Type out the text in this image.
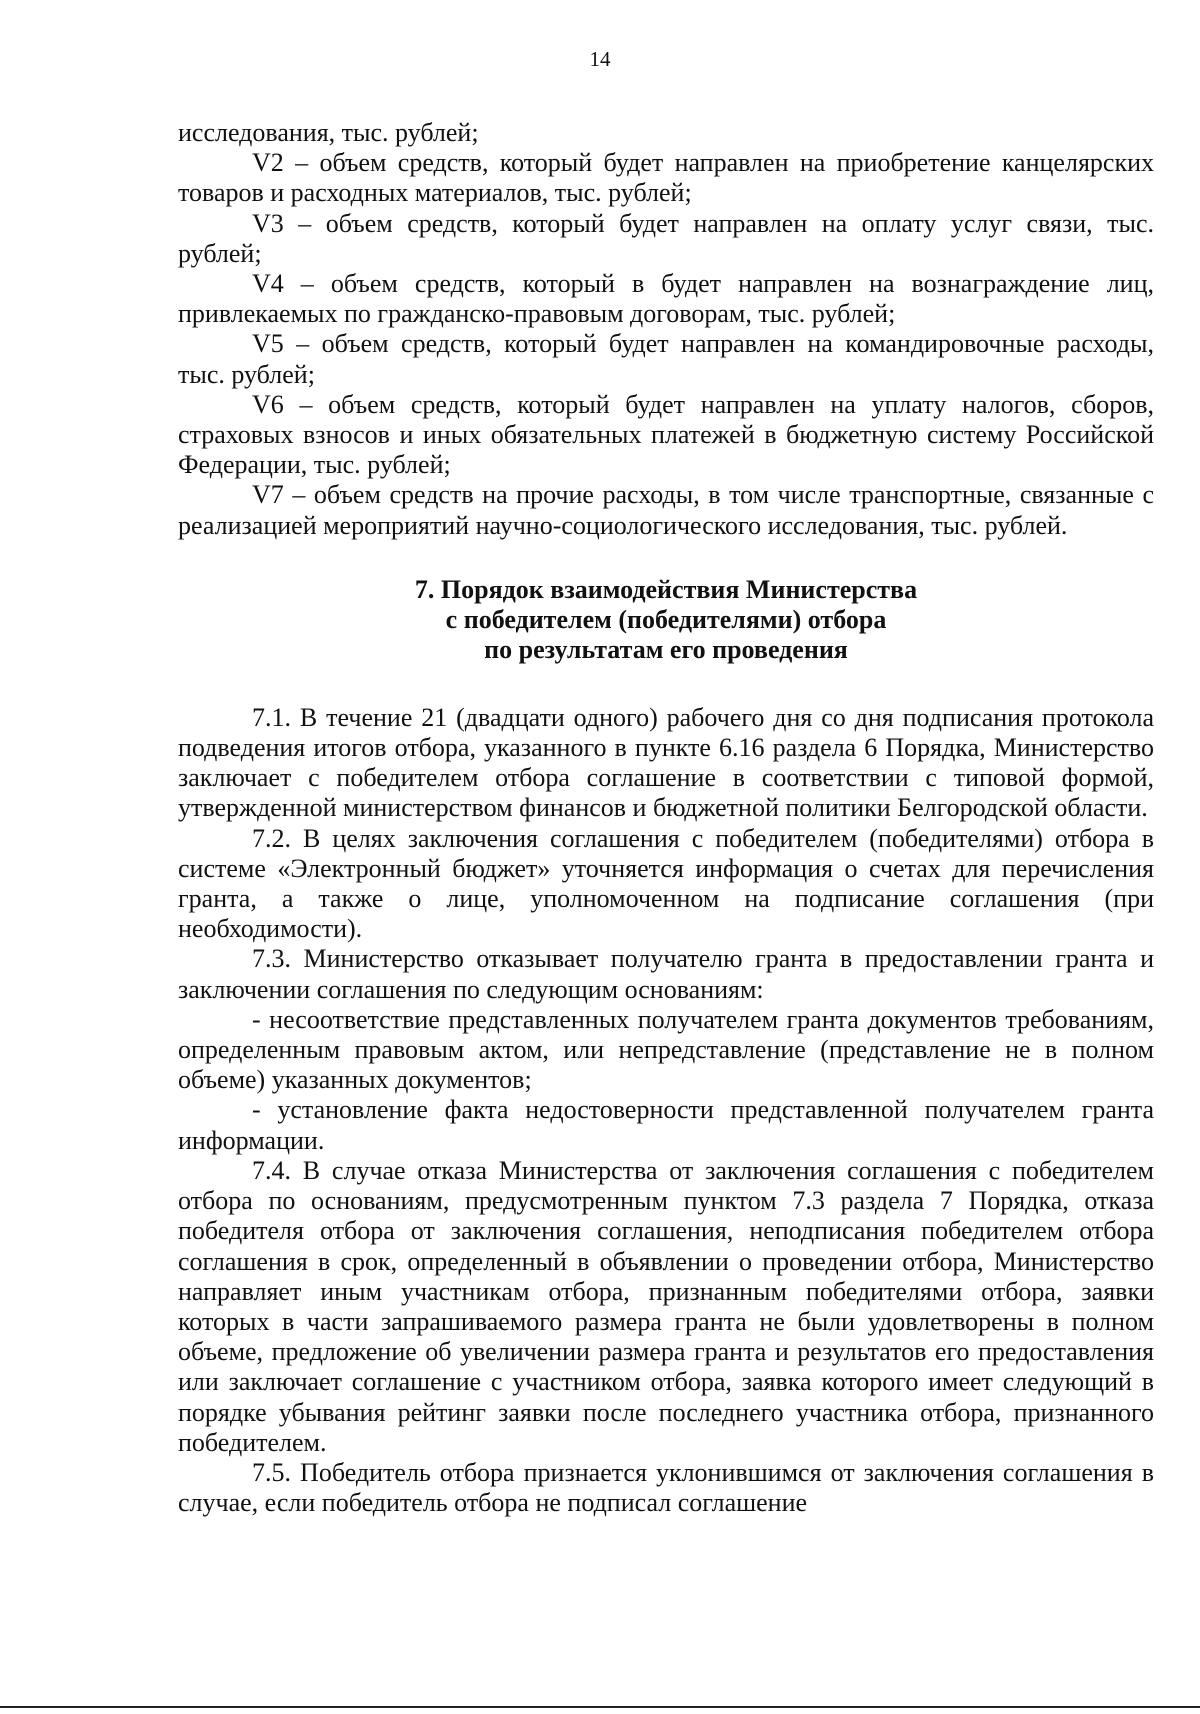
14

исследования, тыс. рублей;

V2 – объем средств, который будет направлен на приобретение канцелярских товаров и расходных материалов, тыс. рублей;

V3 – объем средств, который будет направлен на оплату услуг связи, тыс. рублей;

V4 – объем средств, который в будет направлен на вознаграждение лиц, привлекаемых по гражданско-правовым договорам, тыс. рублей;

V5 – объем средств, который будет направлен на командировочные расходы, тыс. рублей;

V6 – объем средств, который будет направлен на уплату налогов, сборов, страховых взносов и иных обязательных платежей в бюджетную систему Российской Федерации, тыс. рублей;

V7 – объем средств на прочие расходы, в том числе транспортные, связанные с реализацией мероприятий научно-социологического исследования, тыс. рублей.

7. Порядок взаимодействия Министерства
с победителем (победителями) отбора
по результатам его проведения

7.1. В течение 21 (двадцати одного) рабочего дня со дня подписания протокола подведения итогов отбора, указанного в пункте 6.16 раздела 6 Порядка, Министерство заключает с победителем отбора соглашение в соответствии с типовой формой, утвержденной министерством финансов и бюджетной политики Белгородской области.

7.2. В целях заключения соглашения с победителем (победителями) отбора в системе «Электронный бюджет» уточняется информация о счетах для перечисления гранта, а также о лице, уполномоченном на подписание соглашения (при необходимости).

7.3. Министерство отказывает получателю гранта в предоставлении гранта и заключении соглашения по следующим основаниям:

- несоответствие представленных получателем гранта документов требованиям, определенным правовым актом, или непредставление (представление не в полном объеме) указанных документов;

- установление факта недостоверности представленной получателем гранта информации.

7.4. В случае отказа Министерства от заключения соглашения с победителем отбора по основаниям, предусмотренным пунктом 7.3 раздела 7 Порядка, отказа победителя отбора от заключения соглашения, неподписания победителем отбора соглашения в срок, определенный в объявлении о проведении отбора, Министерство направляет иным участникам отбора, признанным победителями отбора, заявки которых в части запрашиваемого размера гранта не были удовлетворены в полном объеме, предложение об увеличении размера гранта и результатов его предоставления или заключает соглашение с участником отбора, заявка которого имеет следующий в порядке убывания рейтинг заявки после последнего участника отбора, признанного победителем.

7.5. Победитель отбора признается уклонившимся от заключения соглашения в случае, если победитель отбора не подписал соглашение
